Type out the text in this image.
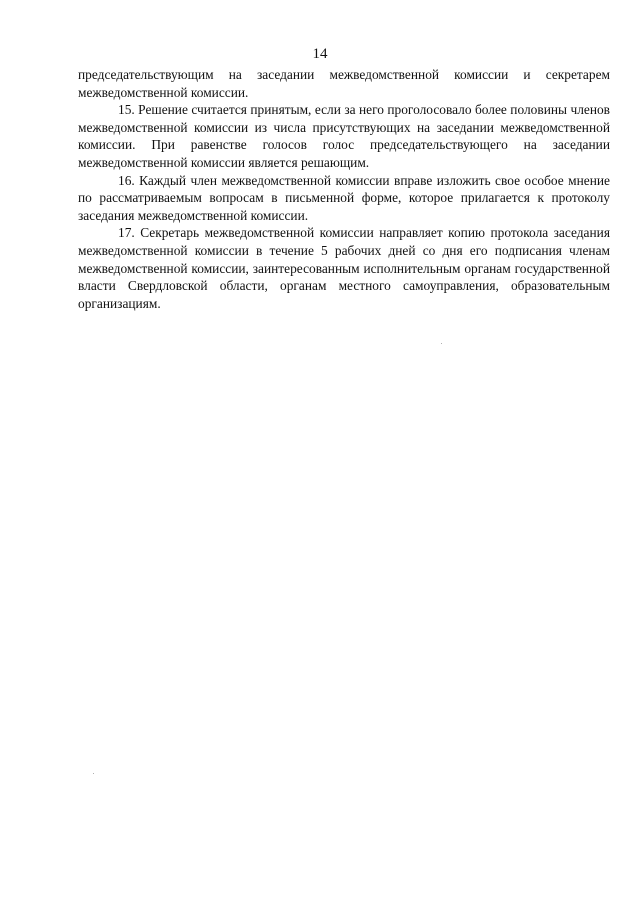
14

председательствующим на заседании межведомственной комиссии и секретарем межведомственной комиссии.

15. Решение считается принятым, если за него проголосовало более половины членов межведомственной комиссии из числа присутствующих на заседании межведомственной комиссии. При равенстве голосов голос председательствующего на заседании межведомственной комиссии является решающим.

16. Каждый член межведомственной комиссии вправе изложить свое особое мнение по рассматриваемым вопросам в письменной форме, которое прилагается к протоколу заседания межведомственной комиссии.

17. Секретарь межведомственной комиссии направляет копию протокола заседания межведомственной комиссии в течение 5 рабочих дней со дня его подписания членам межведомственной комиссии, заинтересованным исполнительным органам государственной власти Свердловской области, органам местного самоуправления, образовательным организациям.
